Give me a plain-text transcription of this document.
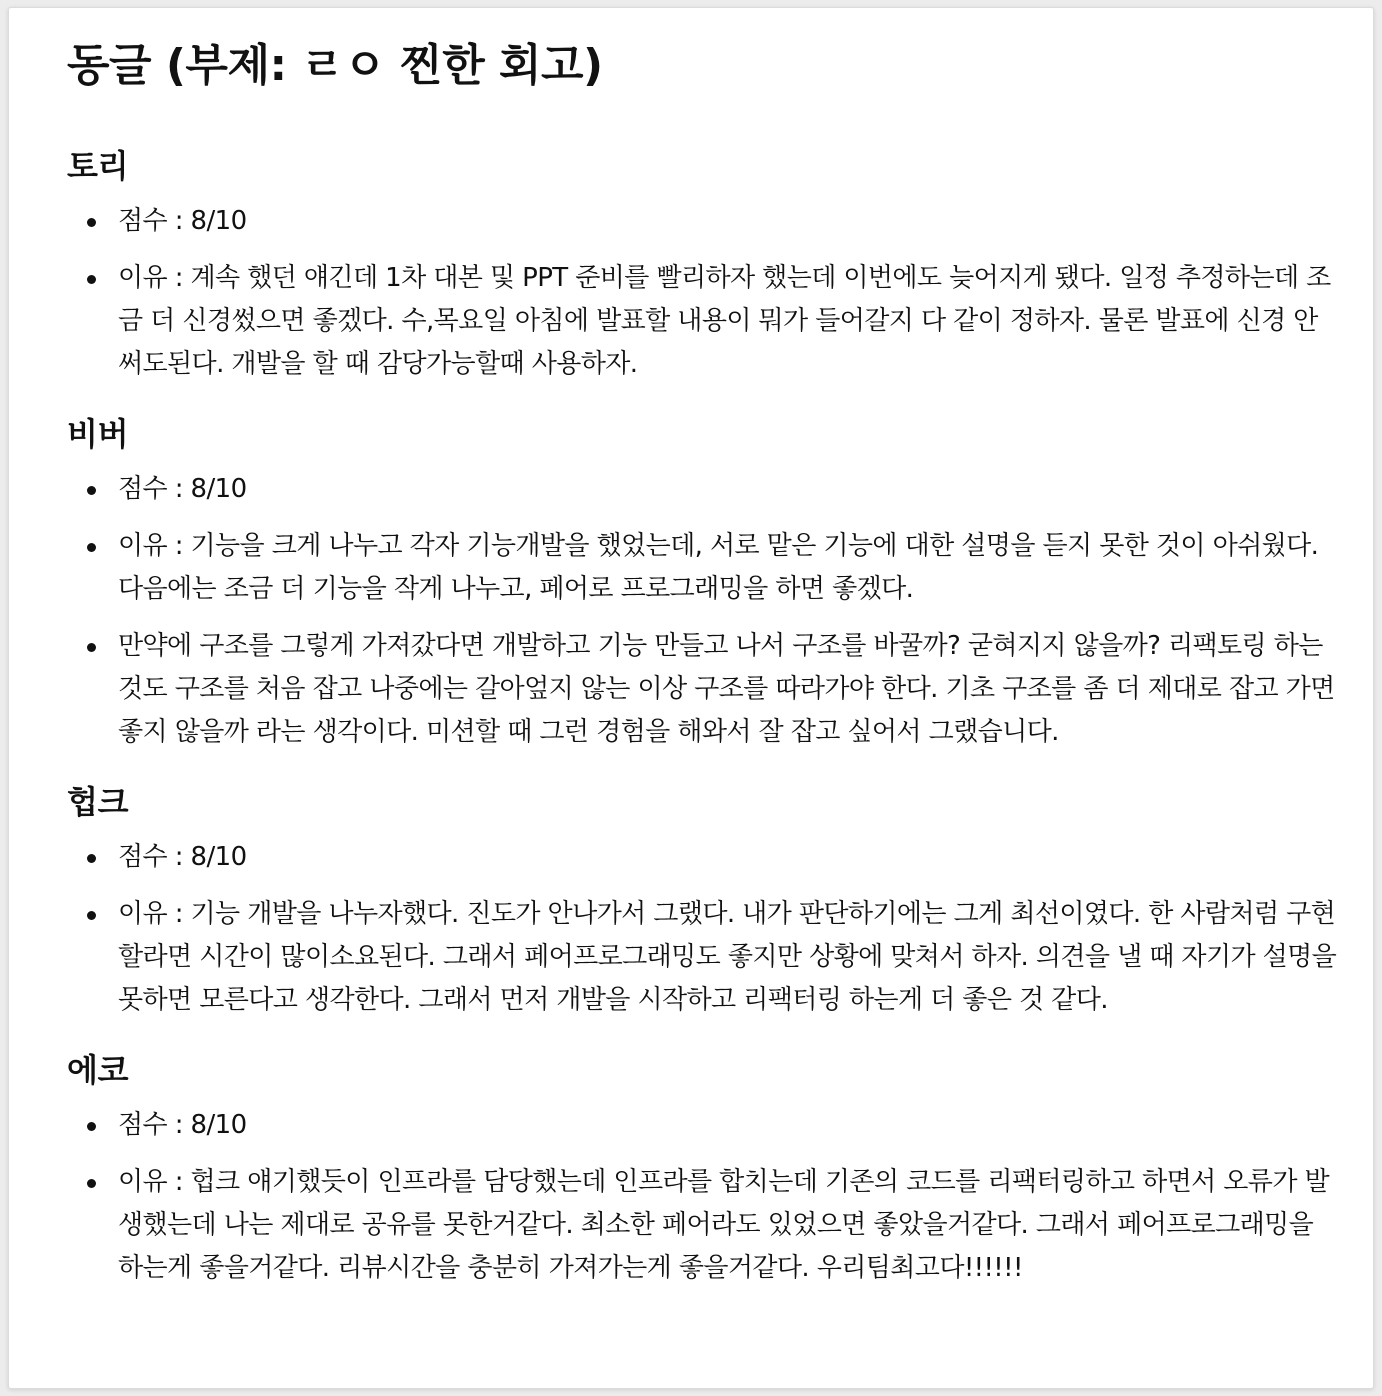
동글 (부제: ㄹㅇ 찐한 회고)
토리
점수 : 8/10
이유 : 계속 했던 얘긴데 1차 대본 및 PPT 준비를 빨리하자 했는데 이번에도 늦어지게 됐다. 일정 추정하는데 조금 더 신경썼으면 좋겠다. 수,목요일 아침에 발표할 내용이 뭐가 들어갈지 다 같이 정하자. 물론 발표에 신경 안써도된다. 개발을 할 때 감당가능할때 사용하자.
비버
점수 : 8/10
이유 : 기능을 크게 나누고 각자 기능개발을 했었는데, 서로 맡은 기능에 대한 설명을 듣지 못한 것이 아쉬웠다. 다음에는 조금 더 기능을 작게 나누고, 페어로 프로그래밍을 하면 좋겠다.
만약에 구조를 그렇게 가져갔다면 개발하고 기능 만들고 나서 구조를 바꿀까? 굳혀지지 않을까? 리팩토링 하는 것도 구조를 처음 잡고 나중에는 갈아엎지 않는 이상 구조를 따라가야 한다. 기초 구조를 좀 더 제대로 잡고 가면 좋지 않을까 라는 생각이다. 미션할 때 그런 경험을 해와서 잘 잡고 싶어서 그랬습니다.
헙크
점수 : 8/10
이유 : 기능 개발을 나누자했다. 진도가 안나가서 그랬다. 내가 판단하기에는 그게 최선이였다. 한 사람처럼 구현할라면 시간이 많이소요된다. 그래서 페어프로그래밍도 좋지만 상황에 맞쳐서 하자. 의견을 낼 때 자기가 설명을 못하면 모른다고 생각한다. 그래서 먼저 개발을 시작하고 리팩터링 하는게 더 좋은 것 같다.
에코
점수 : 8/10
이유 : 헙크 얘기했듯이 인프라를 담당했는데 인프라를 합치는데 기존의 코드를 리팩터링하고 하면서 오류가 발생했는데 나는 제대로 공유를 못한거같다. 최소한 페어라도 있었으면 좋았을거같다. 그래서 페어프로그래밍을 하는게 좋을거같다. 리뷰시간을 충분히 가져가는게 좋을거같다. 우리팀최고다!!!!!!
